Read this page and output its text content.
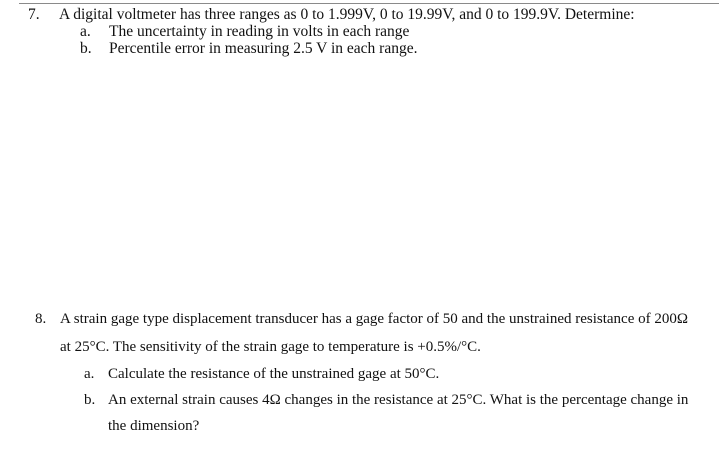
7. A digital voltmeter has three ranges as 0 to 1.999V, 0 to 19.99V, and 0 to 199.9V. Determine:
a. The uncertainty in reading in volts in each range
b. Percentile error in measuring 2.5 V in each range.
8. A strain gage type displacement transducer has a gage factor of 50 and the unstrained resistance of 200Ω
at 25°C. The sensitivity of the strain gage to temperature is +0.5%/°C.
a. Calculate the resistance of the unstrained gage at 50°C.
b. An external strain causes 4Ω changes in the resistance at 25°C. What is the percentage change in
the dimension?
